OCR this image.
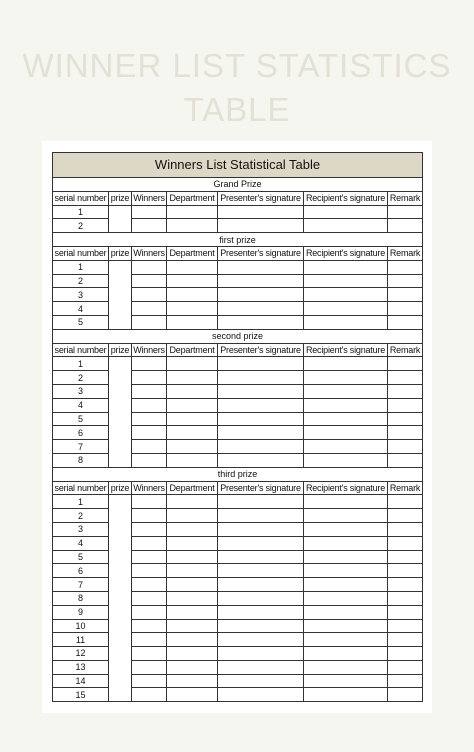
WINNER LIST STATISTICS
TABLE
Winners List Statistical Table						
Grand Prize						
serial number	prize	Winners	Department	Presenter's signature	Recipient's signature	Remark
1						
2						
first prize						
serial number	prize	Winners	Department	Presenter's signature	Recipient's signature	Remark
1						
2						
3						
4						
5						
second prize						
serial number	prize	Winners	Department	Presenter's signature	Recipient's signature	Remark
1						
2						
3						
4						
5						
6						
7						
8						
third prize						
serial number	prize	Winners	Department	Presenter's signature	Recipient's signature	Remark
1						
2						
3						
4						
5						
6						
7						
8						
9						
10						
11						
12						
13						
14						
15						
